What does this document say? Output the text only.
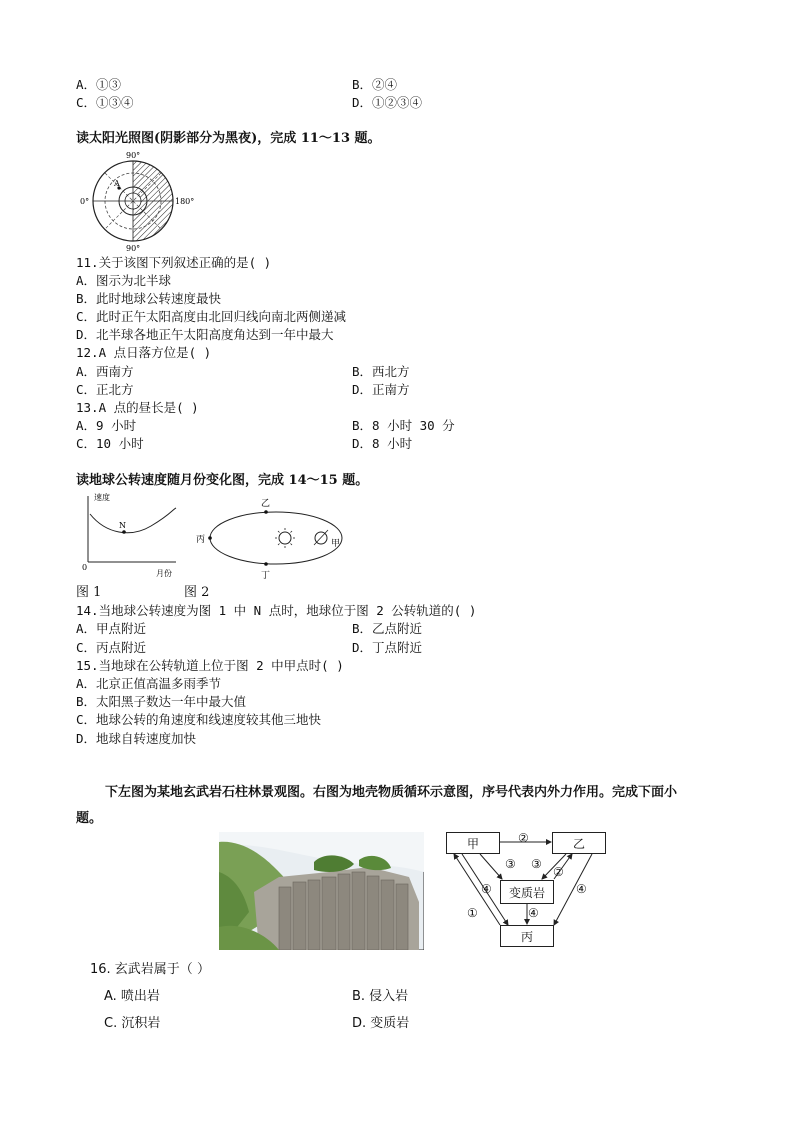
A．①③	B．②④
C．①③④	D．①②③④
读太阳光照图(阴影部分为黑夜)，完成 11～13 题。
A
90°
90°
0°	180°
11.关于该图下列叙述正确的是( )
A．图示为北半球
B．此时地球公转速度最快
C．此时正午太阳高度由北回归线向南北两侧递减
D．北半球各地正午太阳高度角达到一年中最大
12.A 点日落方位是( )
A．西南方	B．西北方
C．正北方	D．正南方
13.A 点的昼长是( )
A．9 小时	B．8 小时 30 分
C．10 小时	D．8 小时
读地球公转速度随月份变化图，完成 14～15 题。
N
速度
月份
0
乙
丙	甲
丁
图 1	图 2
14.当地球公转速度为图 1 中 N 点时，地球位于图 2 公转轨道的( )
A．甲点附近	B．乙点附近
C．丙点附近	D．丁点附近
15.当地球在公转轨道上位于图 2 中甲点时( )
A．北京正值高温多雨季节
B．太阳黑子数达一年中最大值
C．地球公转的角速度和线速度较其他三地快
D．地球自转速度加快
下左图为某地玄武岩石柱林景观图。右图为地壳物质循环示意图，序号代表内外力作用。完成下面小
题。
甲	乙
变质岩
丙
②
③ ③
②
④	④
①	④
16. 玄武岩属于（ ）
A. 喷出岩	B. 侵入岩
C. 沉积岩	D. 变质岩
